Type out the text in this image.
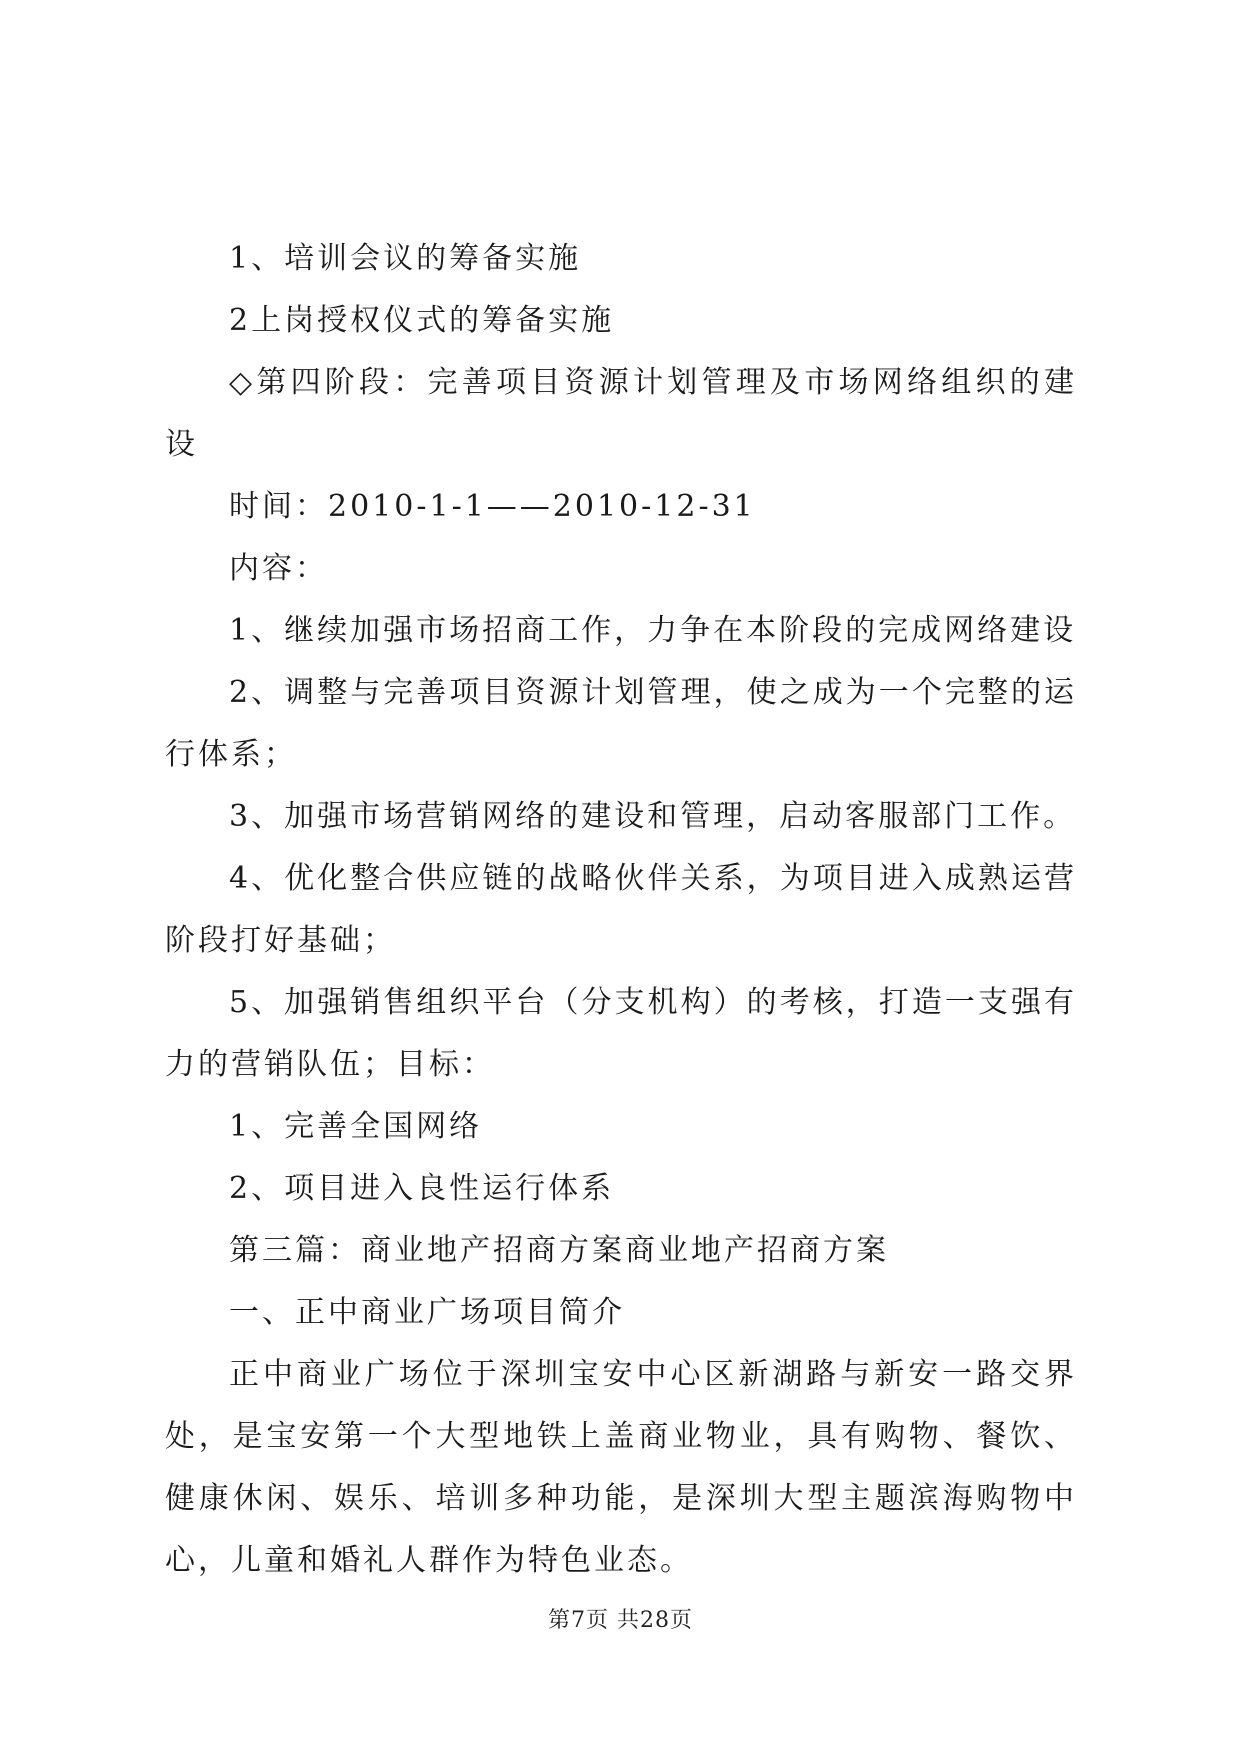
1、培训会议的筹备实施

2上岗授权仪式的筹备实施

◇第四阶段：完善项目资源计划管理及市场网络组织的建设

时间：2010-1-1——2010-12-31

内容：

1、继续加强市场招商工作，力争在本阶段的完成网络建设

2、调整与完善项目资源计划管理，使之成为一个完整的运行体系；

3、加强市场营销网络的建设和管理，启动客服部门工作。

4、优化整合供应链的战略伙伴关系，为项目进入成熟运营阶段打好基础；

5、加强销售组织平台（分支机构）的考核，打造一支强有力的营销队伍；目标：

1、完善全国网络

2、项目进入良性运行体系

第三篇：商业地产招商方案商业地产招商方案

一、正中商业广场项目简介

正中商业广场位于深圳宝安中心区新湖路与新安一路交界处，是宝安第一个大型地铁上盖商业物业，具有购物、餐饮、健康休闲、娱乐、培训多种功能，是深圳大型主题滨海购物中心，儿童和婚礼人群作为特色业态。

第7页 共28页
